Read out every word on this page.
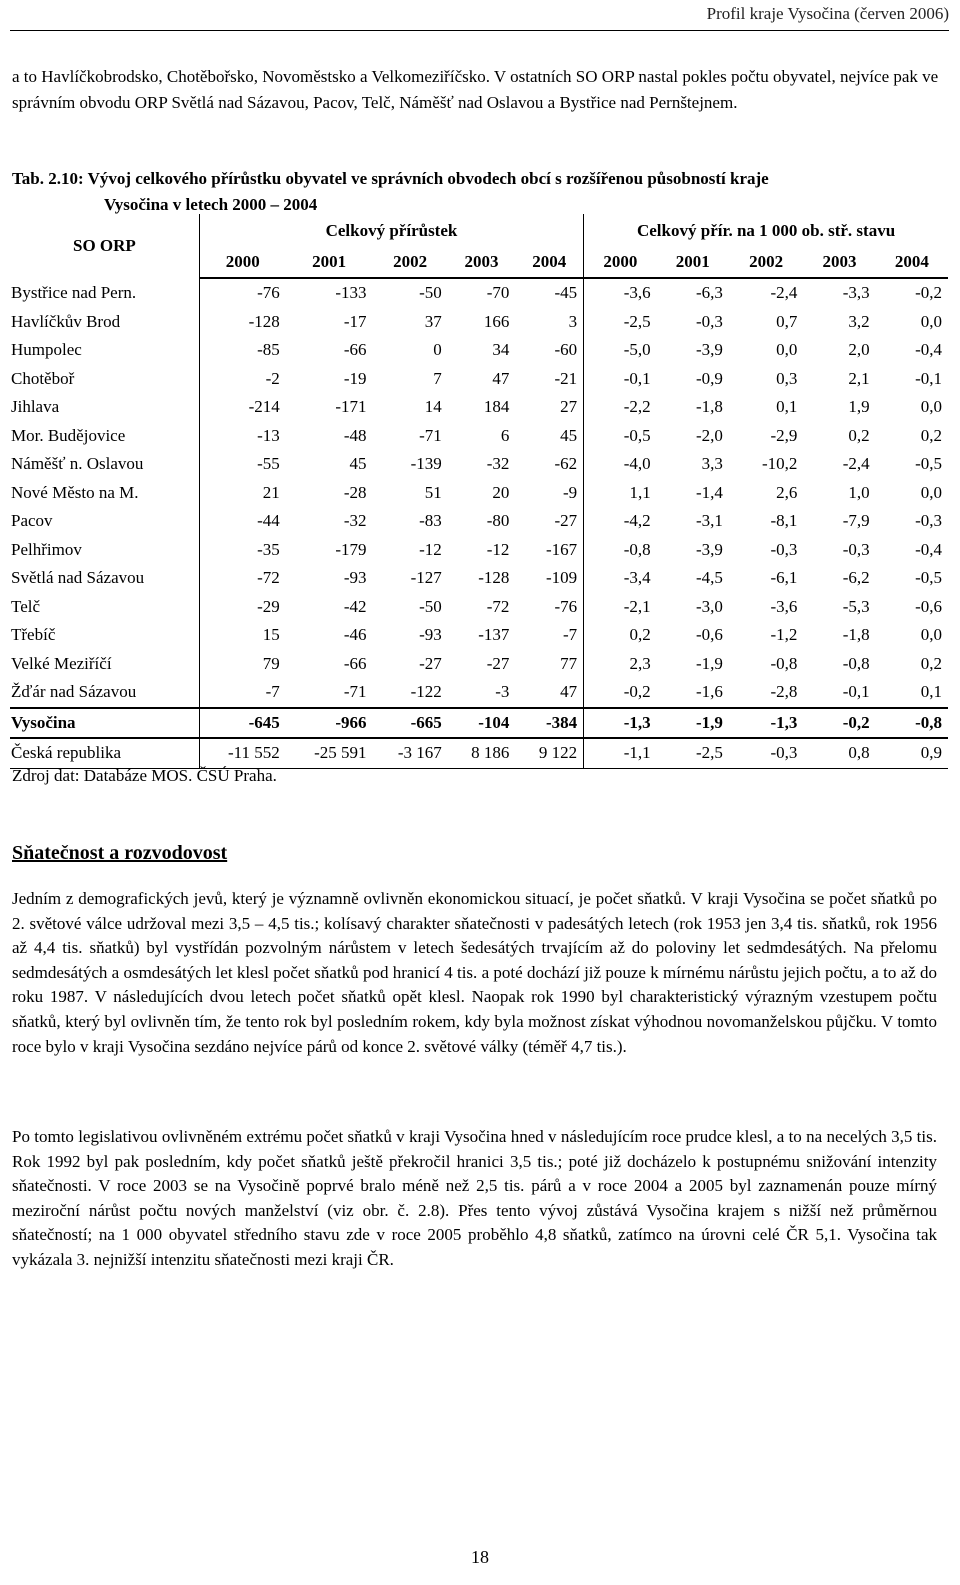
Profil kraje Vysočina (červen 2006)

a to Havlíčkobrodsko, Chotěbořsko, Novoměstsko a Velkomeziříčsko. V ostatních SO ORP nastal pokles počtu obyvatel, nejvíce pak ve správním obvodu ORP Světlá nad Sázavou, Pacov, Telč, Náměšť nad Oslavou a Bystřice nad Pernštejnem.

Tab. 2.10: Vývoj celkového přírůstku obyvatel ve správních obvodech obcí s rozšířenou působností kraje
Vysočina v letech 2000 – 2004

SO ORP	Celkový přírůstek					Celkový přír. na 1 000 ob. stř. stavu				
	2000	2001	2002	2003	2004	2000	2001	2002	2003	2004
Bystřice nad Pern.	-76	-133	-50	-70	-45	-3,6	-6,3	-2,4	-3,3	-0,2
Havlíčkův Brod	-128	-17	37	166	3	-2,5	-0,3	0,7	3,2	0,0
Humpolec	-85	-66	0	34	-60	-5,0	-3,9	0,0	2,0	-0,4
Chotěboř	-2	-19	7	47	-21	-0,1	-0,9	0,3	2,1	-0,1
Jihlava	-214	-171	14	184	27	-2,2	-1,8	0,1	1,9	0,0
Mor. Budějovice	-13	-48	-71	6	45	-0,5	-2,0	-2,9	0,2	0,2
Náměšť n. Oslavou	-55	45	-139	-32	-62	-4,0	3,3	-10,2	-2,4	-0,5
Nové Město na M.	21	-28	51	20	-9	1,1	-1,4	2,6	1,0	0,0
Pacov	-44	-32	-83	-80	-27	-4,2	-3,1	-8,1	-7,9	-0,3
Pelhřimov	-35	-179	-12	-12	-167	-0,8	-3,9	-0,3	-0,3	-0,4
Světlá nad Sázavou	-72	-93	-127	-128	-109	-3,4	-4,5	-6,1	-6,2	-0,5
Telč	-29	-42	-50	-72	-76	-2,1	-3,0	-3,6	-5,3	-0,6
Třebíč	15	-46	-93	-137	-7	0,2	-0,6	-1,2	-1,8	0,0
Velké Meziříčí	79	-66	-27	-27	77	2,3	-1,9	-0,8	-0,8	0,2
Žďár nad Sázavou	-7	-71	-122	-3	47	-0,2	-1,6	-2,8	-0,1	0,1
Vysočina	-645	-966	-665	-104	-384	-1,3	-1,9	-1,3	-0,2	-0,8
Česká republika	-11 552	-25 591	-3 167	8 186	9 122	-1,1	-2,5	-0,3	0,8	0,9
Zdroj dat: Databáze MOS. ČSÚ Praha.
Sňatečnost a rozvodovost

Jedním z demografických jevů, který je významně ovlivněn ekonomickou situací, je počet sňatků. V kraji Vysočina se počet sňatků po 2. světové válce udržoval mezi 3,5 – 4,5 tis.; kolísavý charakter sňatečnosti v padesátých letech (rok 1953 jen 3,4 tis. sňatků, rok 1956 až 4,4 tis. sňatků) byl vystřídán pozvolným nárůstem v letech šedesátých trvajícím až do poloviny let sedmdesátých. Na přelomu sedmdesátých a osmdesátých let klesl počet sňatků pod hranicí 4 tis. a poté dochází již pouze k mírnému nárůstu jejich počtu, a to až do roku 1987. V následujících dvou letech počet sňatků opět klesl. Naopak rok 1990 byl charakteristický výrazným vzestupem počtu sňatků, který byl ovlivněn tím, že tento rok byl posledním rokem, kdy byla možnost získat výhodnou novomanželskou půjčku. V tomto roce bylo v kraji Vysočina sezdáno nejvíce párů od konce 2. světové války (téměř 4,7 tis.).

Po tomto legislativou ovlivněném extrému počet sňatků v kraji Vysočina hned v následujícím roce prudce klesl, a to na necelých 3,5 tis. Rok 1992 byl pak posledním, kdy počet sňatků ještě překročil hranici 3,5 tis.; poté již docházelo k postupnému snižování intenzity sňatečnosti. V roce 2003 se na Vysočině poprvé bralo méně než 2,5 tis. párů a v roce 2004 a 2005 byl zaznamenán pouze mírný meziroční nárůst počtu nových manželství (viz obr. č. 2.8). Přes tento vývoj zůstává Vysočina krajem s nižší než průměrnou sňatečností; na 1 000 obyvatel středního stavu zde v roce 2005 proběhlo 4,8 sňatků, zatímco na úrovni celé ČR 5,1. Vysočina tak vykázala 3. nejnižší intenzitu sňatečnosti mezi kraji ČR.

18
